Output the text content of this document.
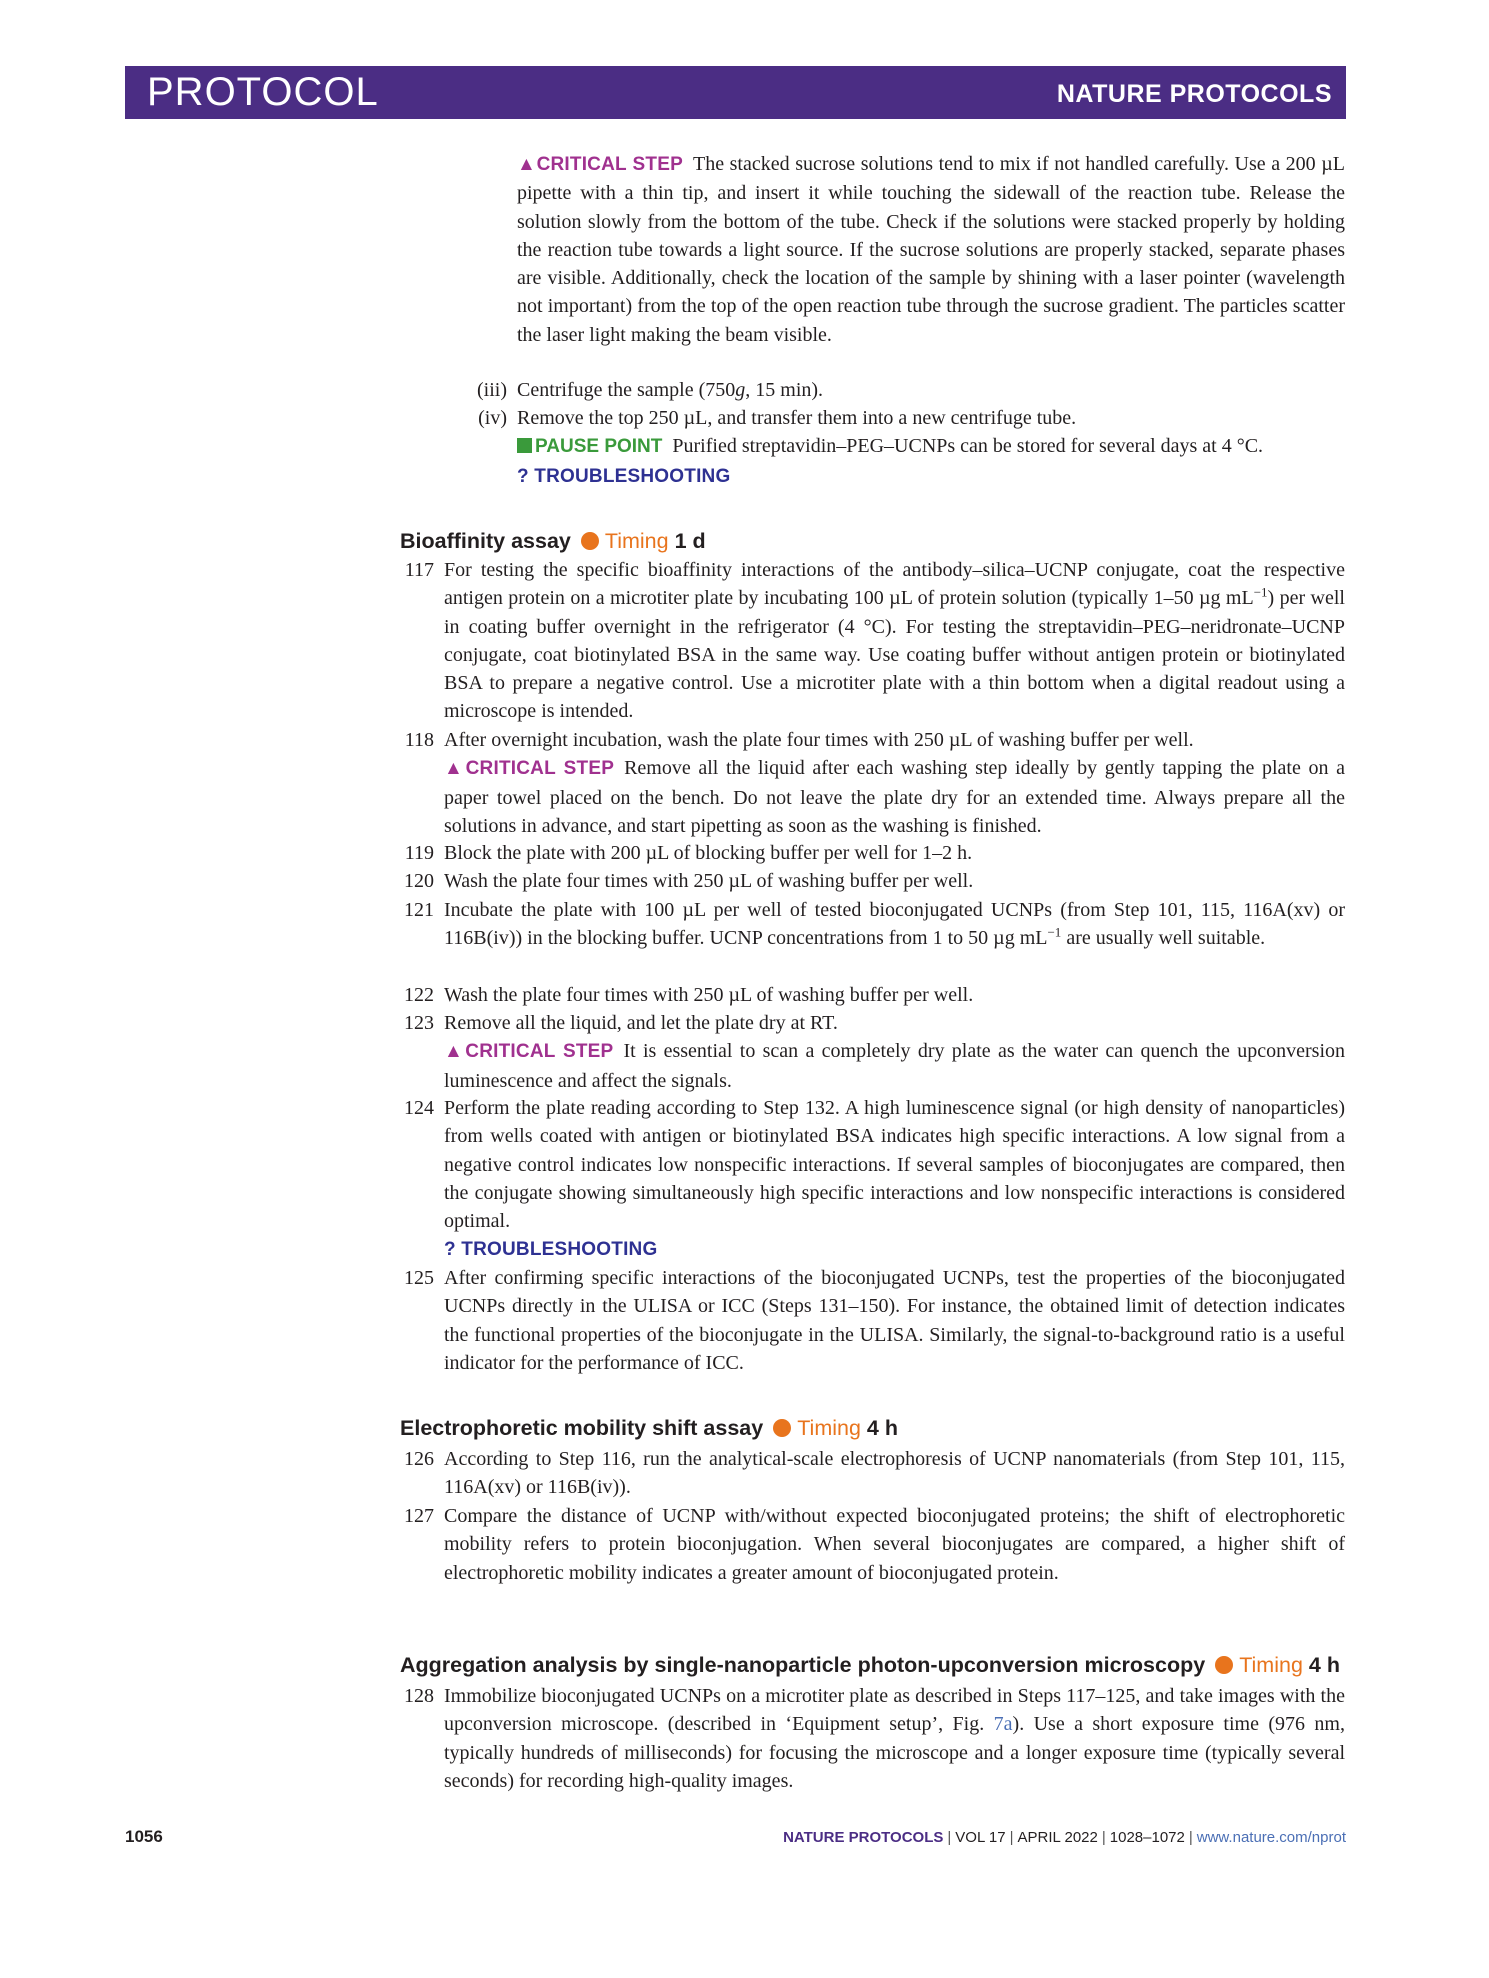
PROTOCOL	NATURE PROTOCOLS
▲CRITICAL STEP The stacked sucrose solutions tend to mix if not handled carefully. Use a 200 µL pipette with a thin tip, and insert it while touching the sidewall of the reaction tube. Release the solution slowly from the bottom of the tube. Check if the solutions were stacked properly by holding the reaction tube towards a light source. If the sucrose solutions are properly stacked, separate phases are visible. Additionally, check the location of the sample by shining with a laser pointer (wavelength not important) from the top of the open reaction tube through the sucrose gradient. The particles scatter the laser light making the beam visible.
(iii) Centrifuge the sample (750g, 15 min).
(iv) Remove the top 250 µL, and transfer them into a new centrifuge tube.
PAUSE POINT Purified streptavidin–PEG–UCNPs can be stored for several days at 4 °C.
? TROUBLESHOOTING
Bioaffinity assay Timing 1 d
117 For testing the specific bioaffinity interactions of the antibody–silica–UCNP conjugate, coat the respective antigen protein on a microtiter plate by incubating 100 µL of protein solution (typically 1–50 µg $mL^{-1}$) per well in coating buffer overnight in the refrigerator (4 °C). For testing the streptavidin–PEG–neridronate–UCNP conjugate, coat biotinylated BSA in the same way. Use coating buffer without antigen protein or biotinylated BSA to prepare a negative control. Use a microtiter plate with a thin bottom when a digital readout using a microscope is intended.
118 After overnight incubation, wash the plate four times with 250 µL of washing buffer per well.
▲CRITICAL STEP Remove all the liquid after each washing step ideally by gently tapping the plate on a paper towel placed on the bench. Do not leave the plate dry for an extended time. Always prepare all the solutions in advance, and start pipetting as soon as the washing is finished.
119 Block the plate with 200 µL of blocking buffer per well for 1–2 h.
120 Wash the plate four times with 250 µL of washing buffer per well.
121 Incubate the plate with 100 µL per well of tested bioconjugated UCNPs (from Step 101, 115, 116A(xv) or 116B(iv)) in the blocking buffer. UCNP concentrations from 1 to 50 µg $mL^{-1}$ are usually well suitable.
122 Wash the plate four times with 250 µL of washing buffer per well.
123 Remove all the liquid, and let the plate dry at RT.
▲CRITICAL STEP It is essential to scan a completely dry plate as the water can quench the upconversion luminescence and affect the signals.
124 Perform the plate reading according to Step 132. A high luminescence signal (or high density of nanoparticles) from wells coated with antigen or biotinylated BSA indicates high specific interactions. A low signal from a negative control indicates low nonspecific interactions. If several samples of bioconjugates are compared, then the conjugate showing simultaneously high specific interactions and low nonspecific interactions is considered optimal.
? TROUBLESHOOTING
125 After confirming specific interactions of the bioconjugated UCNPs, test the properties of the bioconjugated UCNPs directly in the ULISA or ICC (Steps 131–150). For instance, the obtained limit of detection indicates the functional properties of the bioconjugate in the ULISA. Similarly, the signal-to-background ratio is a useful indicator for the performance of ICC.
Electrophoretic mobility shift assay Timing 4 h
126 According to Step 116, run the analytical-scale electrophoresis of UCNP nanomaterials (from Step 101, 115, 116A(xv) or 116B(iv)).
127 Compare the distance of UCNP with/without expected bioconjugated proteins; the shift of electrophoretic mobility refers to protein bioconjugation. When several bioconjugates are compared, a higher shift of electrophoretic mobility indicates a greater amount of bioconjugated protein.
Aggregation analysis by single-nanoparticle photon-upconversion microscopy Timing 4 h
128 Immobilize bioconjugated UCNPs on a microtiter plate as described in Steps 117–125, and take images with the upconversion microscope. (described in ‘Equipment setup’, Fig. 7a). Use a short exposure time (976 nm, typically hundreds of milliseconds) for focusing the microscope and a longer exposure time (typically several seconds) for recording high-quality images.
1056	NATURE PROTOCOLS | VOL 17 | APRIL 2022 | 1028–1072 | www.nature.com/nprot
